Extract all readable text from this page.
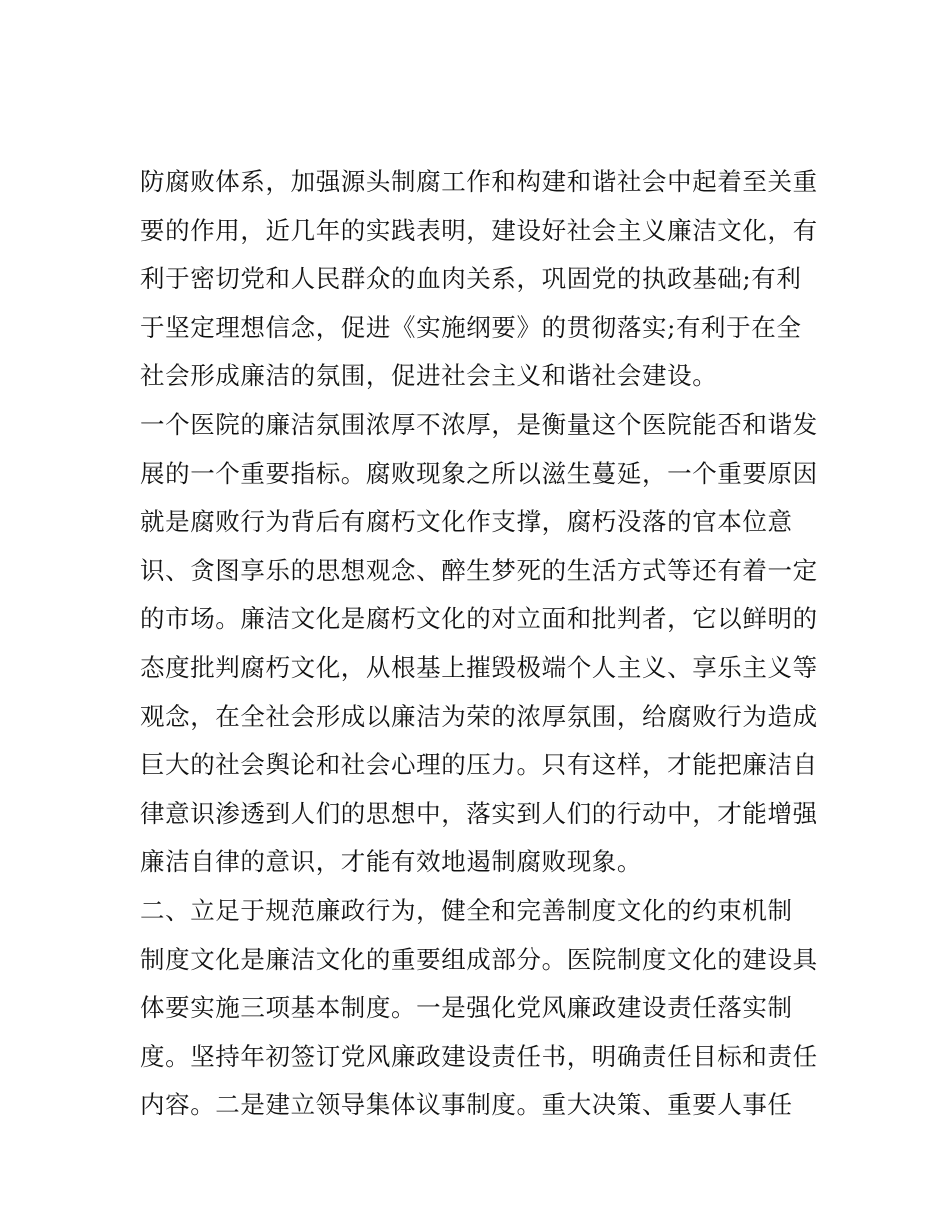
防腐败体系，加强源头制腐工作和构建和谐社会中起着至关重
要的作用，近几年的实践表明，建设好社会主义廉洁文化，有
利于密切党和人民群众的血肉关系，巩固党的执政基础;有利
于坚定理想信念，促进《实施纲要》的贯彻落实;有利于在全
社会形成廉洁的氛围，促进社会主义和谐社会建设。
一个医院的廉洁氛围浓厚不浓厚，是衡量这个医院能否和谐发
展的一个重要指标。腐败现象之所以滋生蔓延，一个重要原因
就是腐败行为背后有腐朽文化作支撑，腐朽没落的官本位意
识、贪图享乐的思想观念、醉生梦死的生活方式等还有着一定
的市场。廉洁文化是腐朽文化的对立面和批判者，它以鲜明的
态度批判腐朽文化，从根基上摧毁极端个人主义、享乐主义等
观念，在全社会形成以廉洁为荣的浓厚氛围，给腐败行为造成
巨大的社会舆论和社会心理的压力。只有这样，才能把廉洁自
律意识渗透到人们的思想中，落实到人们的行动中，才能增强
廉洁自律的意识，才能有效地遏制腐败现象。
二、立足于规范廉政行为，健全和完善制度文化的约束机制
制度文化是廉洁文化的重要组成部分。医院制度文化的建设具
体要实施三项基本制度。一是强化党风廉政建设责任落实制
度。坚持年初签订党风廉政建设责任书，明确责任目标和责任
内容。二是建立领导集体议事制度。重大决策、重要人事任
